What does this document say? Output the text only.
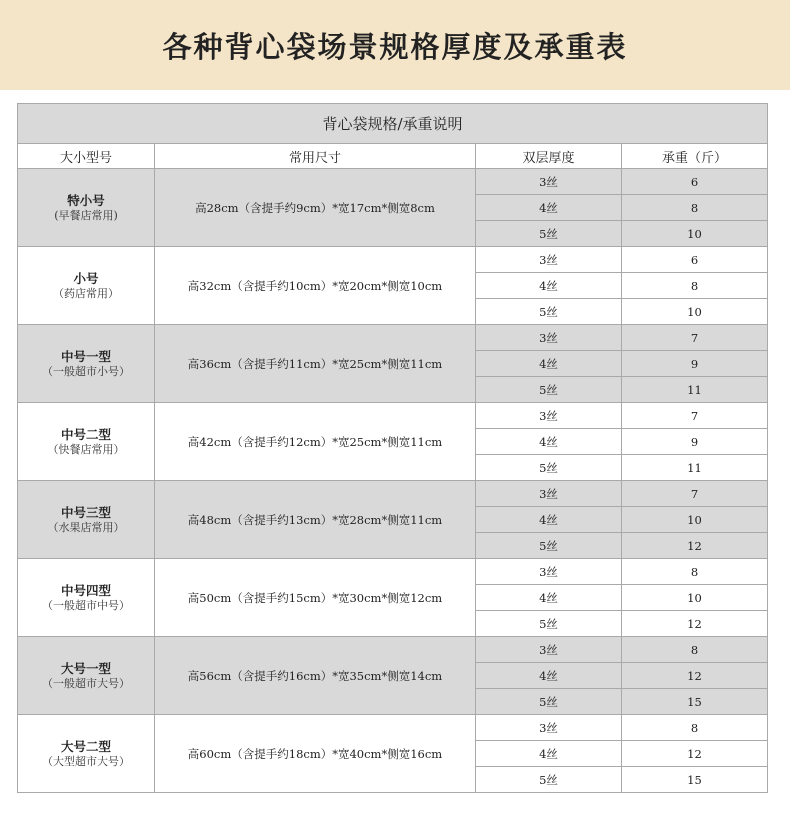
各种背心袋场景规格厚度及承重表
背心袋规格/承重说明			
大小型号	常用尺寸	双层厚度	承重（斤）

特小号
(早餐店常用)	高28cm（含提手约9cm）*宽17cm*侧宽8cm	3丝	6
		4丝	8
		5丝	10

小号
（药店常用）	高32cm（含提手约10cm）*宽20cm*侧宽10cm	3丝	6
		4丝	8
		5丝	10

中号一型
（一般超市小号）	高36cm（含提手约11cm）*宽25cm*侧宽11cm	3丝	7
		4丝	9
		5丝	11

中号二型
（快餐店常用）	高42cm（含提手约12cm）*宽25cm*侧宽11cm	3丝	7
		4丝	9
		5丝	11

中号三型
（水果店常用）	高48cm（含提手约13cm）*宽28cm*侧宽11cm	3丝	7
		4丝	10
		5丝	12

中号四型
（一般超市中号）	高50cm（含提手约15cm）*宽30cm*侧宽12cm	3丝	8
		4丝	10
		5丝	12

大号一型
（一般超市大号）	高56cm（含提手约16cm）*宽35cm*侧宽14cm	3丝	8
		4丝	12
		5丝	15

大号二型
（大型超市大号）	高60cm（含提手约18cm）*宽40cm*侧宽16cm	3丝	8
		4丝	12
		5丝	15
